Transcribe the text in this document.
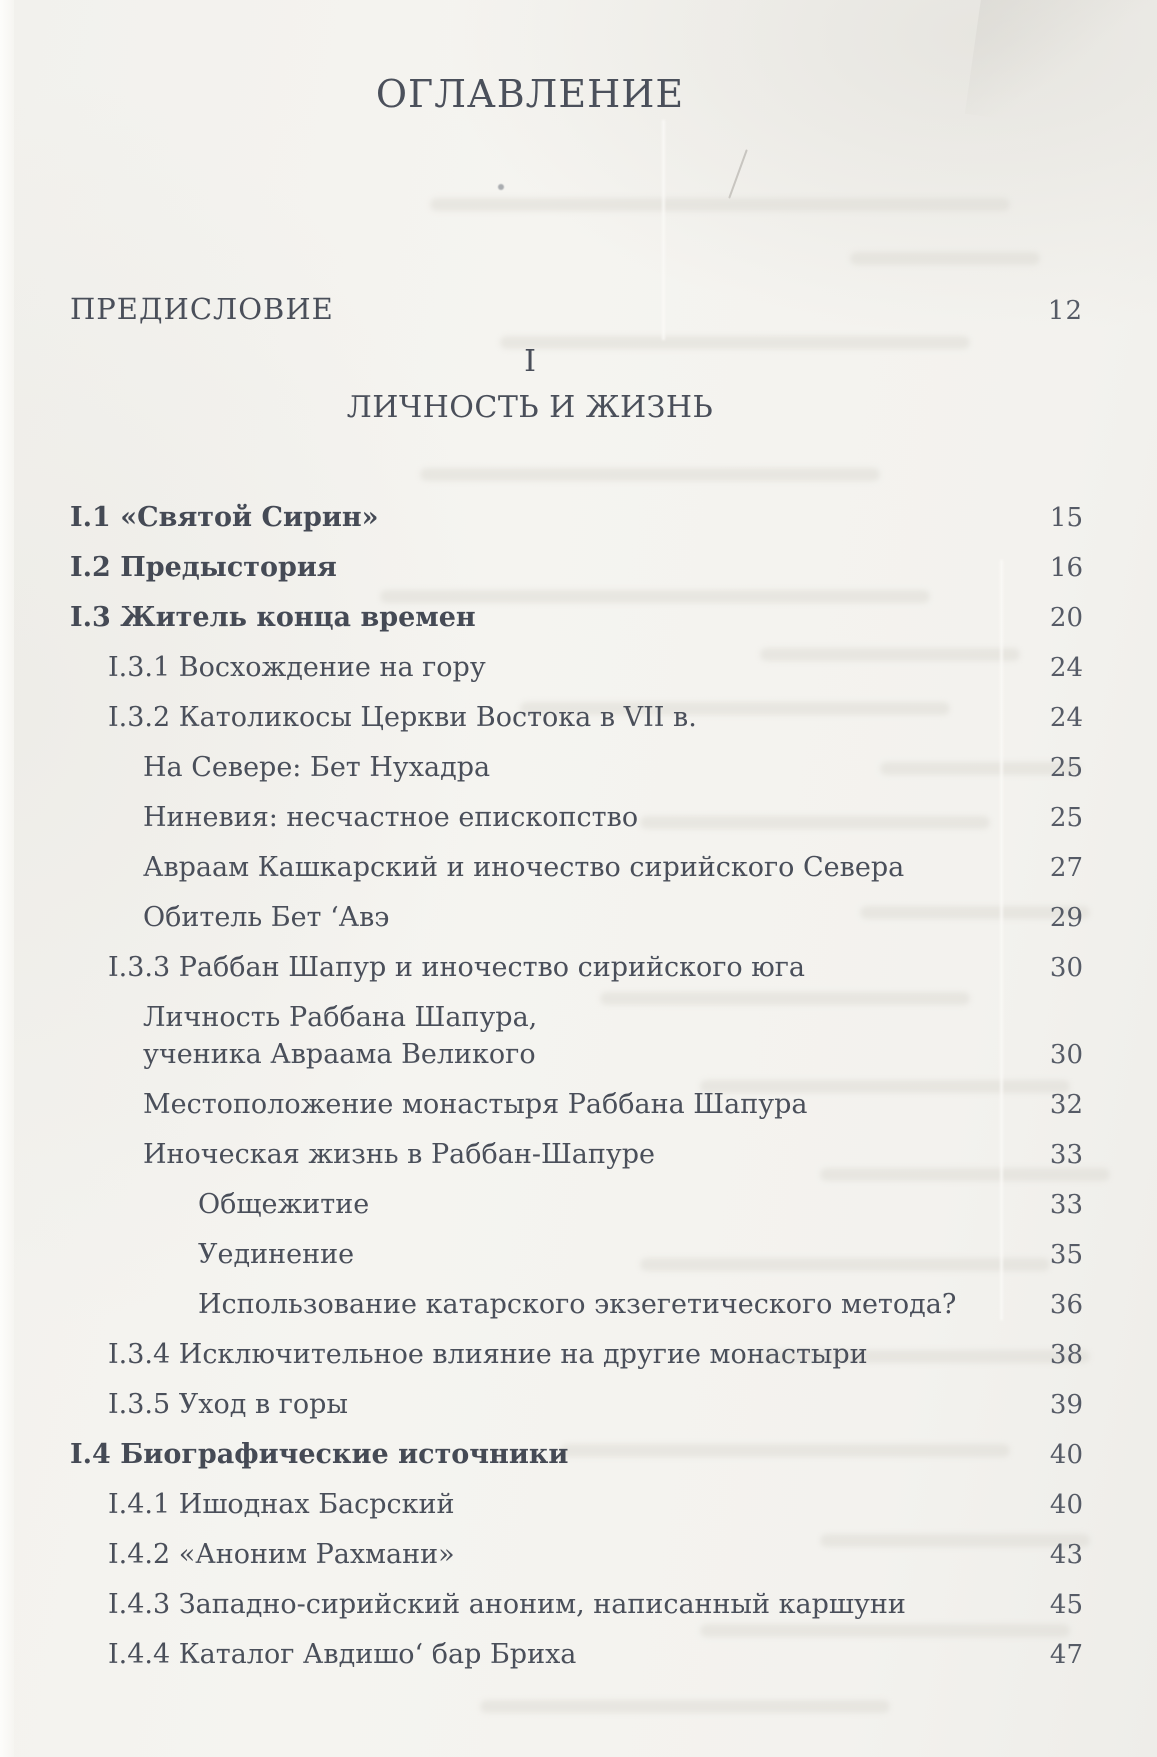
ОГЛАВЛЕНИЕ
ПРЕДИСЛОВИЕ	12
I
ЛИЧНОСТЬ И ЖИЗНЬ
I.1 «Святой Сирин»	15
I.2 Предыстория	16
I.3 Житель конца времен	20
I.3.1 Восхождение на гору	24
I.3.2 Католикосы Церкви Востока в VII в.	24
На Севере: Бет Нухадра	25
Ниневия: несчастное епископство	25
Авраам Кашкарский и иночество сирийского Севера	27
Обитель Бет ‘Авэ	29
I.3.3 Раббан Шапур и иночество сирийского юга	30
Личность Раббана Шапура,
ученика Авраама Великого	30
Местоположение монастыря Раббана Шапура	32
Иноческая жизнь в Раббан-Шапуре	33
Общежитие	33
Уединение	35
Использование катарского экзегетического метода?	36
I.3.4 Исключительное влияние на другие монастыри	38
I.3.5 Уход в горы	39
I.4 Биографические источники	40
I.4.1 Ишоднах Басрский	40
I.4.2 «Аноним Рахмани»	43
I.4.3 Западно-сирийский аноним, написанный каршуни	45
I.4.4 Каталог Авдишо‘ бар Бриха	47
